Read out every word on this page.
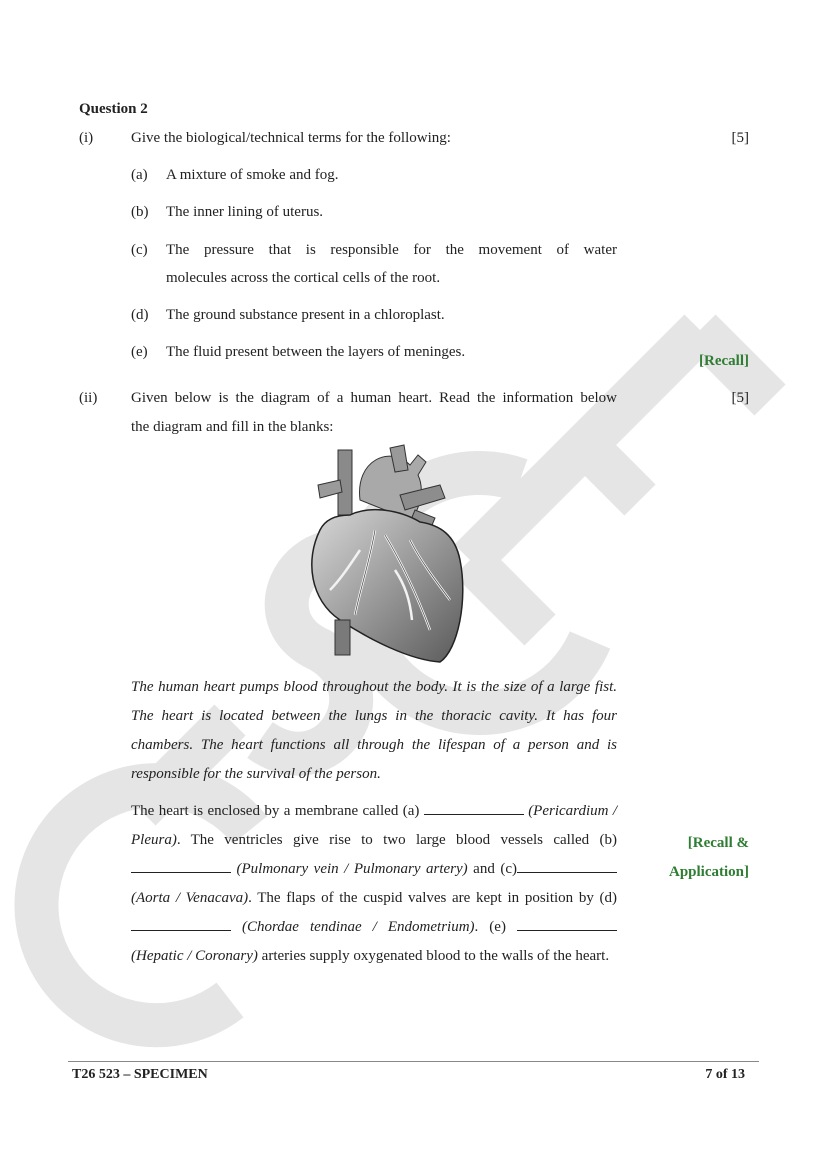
Question 2
(i)	Give the biological/technical terms for the following:	[5]
(a) A mixture of smoke and fog.
(b) The inner lining of uterus.
(c) The pressure that is responsible for the movement of water
molecules across the cortical cells of the root.
(d) The ground substance present in a chloroplast.
(e) The fluid present between the layers of meninges.
[Recall]
(ii) Given below is the diagram of a human heart. Read the information below
the diagram and fill in the blanks:
[5]
The human heart pumps blood throughout the body. It is the size of a large fist. The heart is located between the lungs in the thoracic cavity. It has four chambers. The heart functions all through the lifespan of a person and is responsible for the survival of the person.
The heart is enclosed by a membrane called (a)	(Pericardium / Pleura). The ventricles give rise to two large blood vessels called (b)  (Pulmonary vein / Pulmonary artery) and (c) (Aorta / Venacava). The flaps of the cuspid valves are kept in position by (d)  (Chordae tendinae / Endometrium). (e)  (Hepatic / Coronary) arteries supply oxygenated blood to the walls of the heart.
[Recall &
Application]
T26 523 – SPECIMEN	7 of 13
